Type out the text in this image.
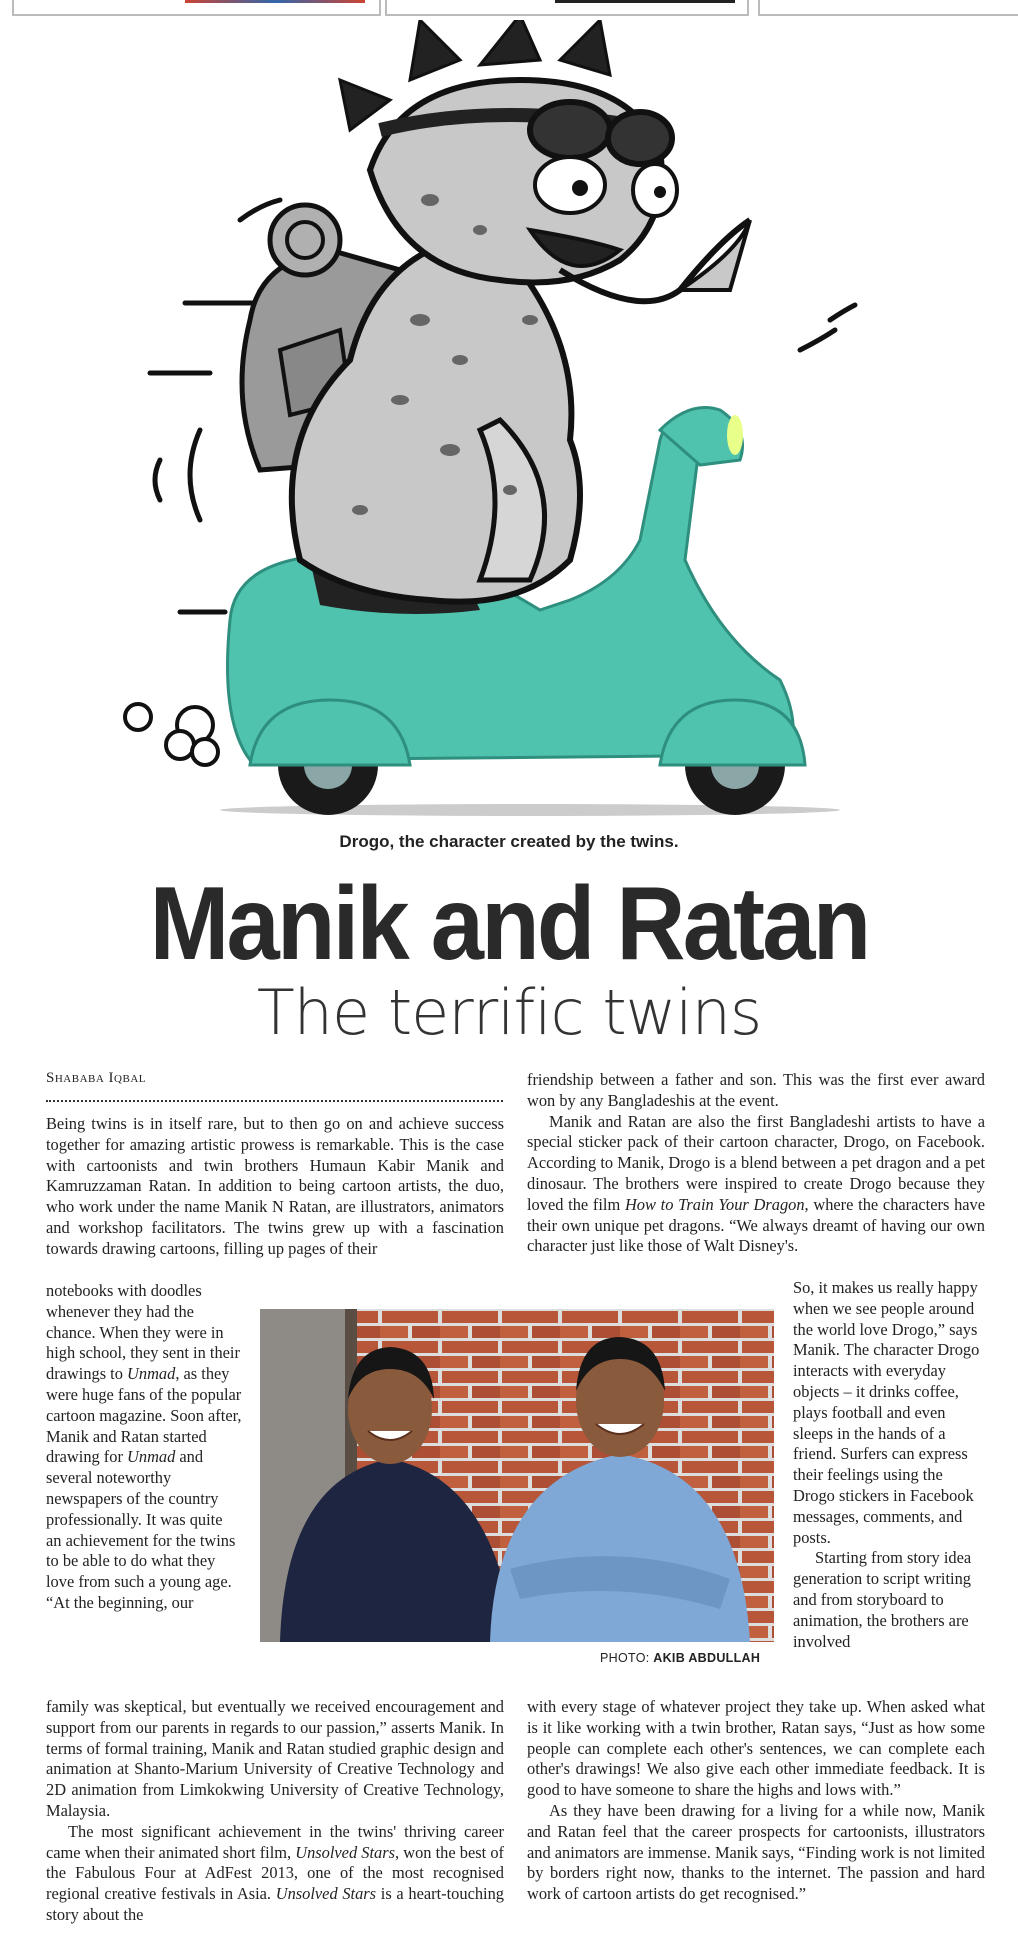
Drogo, the character created by the twins.
Manik and Ratan
The terrific twins
Shababa Iqbal

Being twins is in itself rare, but to then go on and achieve success together for amazing artistic prowess is remarkable. This is the case with cartoonists and twin brothers Humaun Kabir Manik and Kamruzzaman Ratan. In addition to being cartoon artists, the duo, who work under the name Manik N Ratan, are illustrators, animators and workshop facilitators. The twins grew up with a fascination towards drawing cartoons, filling up pages of their

notebooks with doodles whenever they had the chance. When they were in high school, they sent in their drawings to Unmad, as they were huge fans of the popular cartoon magazine. Soon after, Manik and Ratan started drawing for Unmad and several noteworthy newspapers of the country professionally. It was quite an achievement for the twins to be able to do what they love from such a young age. “At the beginning, our

family was skeptical, but eventually we received encouragement and support from our parents in regards to our passion,” asserts Manik. In terms of formal training, Manik and Ratan studied graphic design and animation at Shanto-Marium University of Creative Technology and 2D animation from Limkokwing University of Creative Technology, Malaysia.

The most significant achievement in the twins' thriving career came when their animated short film, Unsolved Stars, won the best of the Fabulous Four at AdFest 2013, one of the most recognised regional creative festivals in Asia. Unsolved Stars is a heart-touching story about the

PHOTO: AKIB ABDULLAH

friendship between a father and son. This was the first ever award won by any Bangladeshis at the event.

Manik and Ratan are also the first Bangladeshi artists to have a special sticker pack of their cartoon character, Drogo, on Facebook. According to Manik, Drogo is a blend between a pet dragon and a pet dinosaur. The brothers were inspired to create Drogo because they loved the film How to Train Your Dragon, where the characters have their own unique pet dragons. “We always dreamt of having our own character just like those of Walt Disney's.

So, it makes us really happy when we see people around the world love Drogo,” says Manik. The character Drogo interacts with everyday objects – it drinks coffee, plays football and even sleeps in the hands of a friend. Surfers can express their feelings using the Drogo stickers in Facebook messages, comments, and posts.

Starting from story idea generation to script writing and from storyboard to animation, the brothers are involved

with every stage of whatever project they take up. When asked what is it like working with a twin brother, Ratan says, “Just as how some people can complete each other's sentences, we can complete each other's drawings! We also give each other immediate feedback. It is good to have someone to share the highs and lows with.”

As they have been drawing for a living for a while now, Manik and Ratan feel that the career prospects for cartoonists, illustrators and animators are immense. Manik says, “Finding work is not limited by borders right now, thanks to the internet. The passion and hard work of cartoon artists do get recognised.”
